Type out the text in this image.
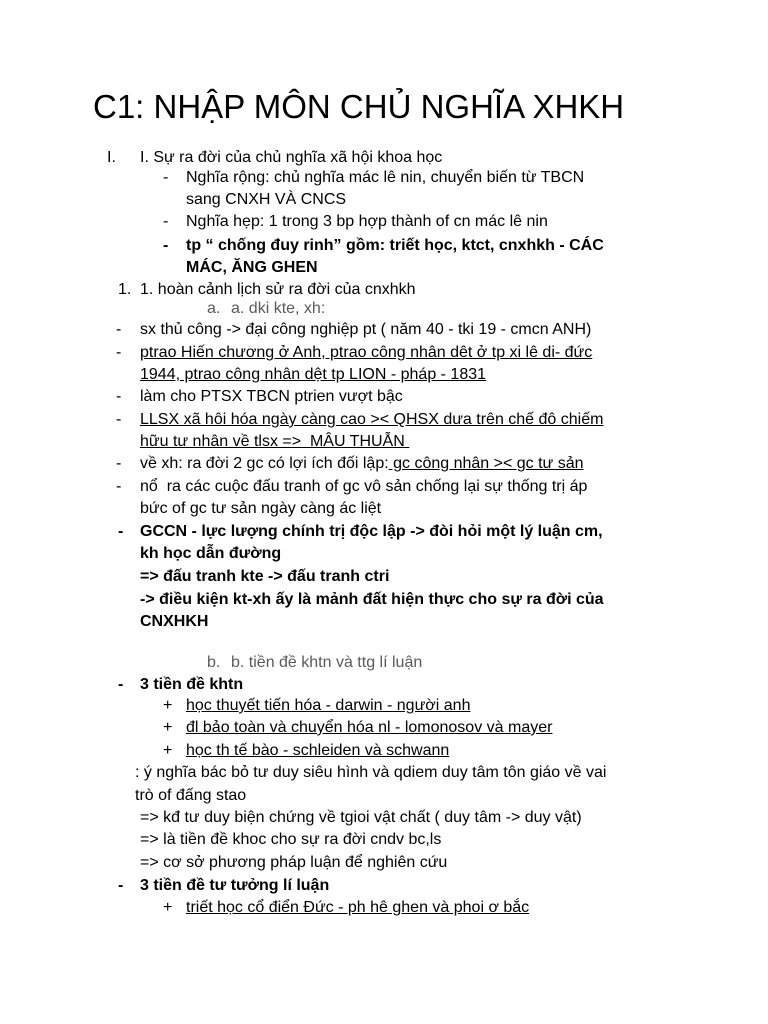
C1: NHẬP MÔN CHỦ NGHĨA XHKH
I. I. Sự ra đời của chủ nghĩa xã hội khoa học
- Nghĩa rộng: chủ nghĩa mác lê nin, chuyển biến từ TBCN
sang CNXH VÀ CNCS
- Nghĩa hẹp: 1 trong 3 bp hợp thành of cn mác lê nin
- tp “ chống đuy rinh” gồm: triết học, ktct, cnxhkh - CÁC
MÁC, ĂNG GHEN
1. 1. hoàn cảnh lịch sử ra đời của cnxhkh
a. a. dki kte, xh:
- sx thủ công -> đại công nghiệp pt ( năm 40 - tki 19 - cmcn ANH)
- ptrao Hiến chương ở Anh, ptrao công nhân dêt ở tp xi lê di- đức
1944, ptrao công nhân dệt tp LION - pháp - 1831
- làm cho PTSX TBCN ptrien vượt bậc
- LLSX xã hôi hóa ngày càng cao >< QHSX dưa trên chế đô chiếm
hữu tư nhân về tlsx =>  MÂU THUẪN
- về xh: ra đời 2 gc có lợi ích đối lập: gc công nhân >< gc tư sản
- nổ  ra các cuộc đấu tranh of gc vô sản chống lại sự thống trị áp
bức of gc tư sản ngày càng ác liệt
- GCCN - lực lượng chính trị độc lập -> đòi hỏi một lý luận cm,
kh học dẫn đường
=> đấu tranh kte -> đấu tranh ctri
-> điều kiện kt-xh ấy là mảnh đất hiện thực cho sự ra đời của
CNXHKH
b. b. tiền đề khtn và ttg lí luận
- 3 tiền đề khtn
+ học thuyết tiến hóa - darwin - người anh
+ đl bảo toàn và chuyển hóa nl - lomonosov và mayer
+ học th tế bào - schleiden và schwann
: ý nghĩa bác bỏ tư duy siêu hình và qdiem duy tâm tôn giáo về vai
trò of đấng stao
=> kđ tư duy biện chứng về tgioi vật chất ( duy tâm -> duy vật)
=> là tiền đề khoc cho sự ra đời cndv bc,ls
=> cơ sở phương pháp luận để nghiên cứu
- 3 tiền đề tư tưởng lí luận
+ triết học cổ điển Đức - ph hê ghen và phoi ơ bắc
